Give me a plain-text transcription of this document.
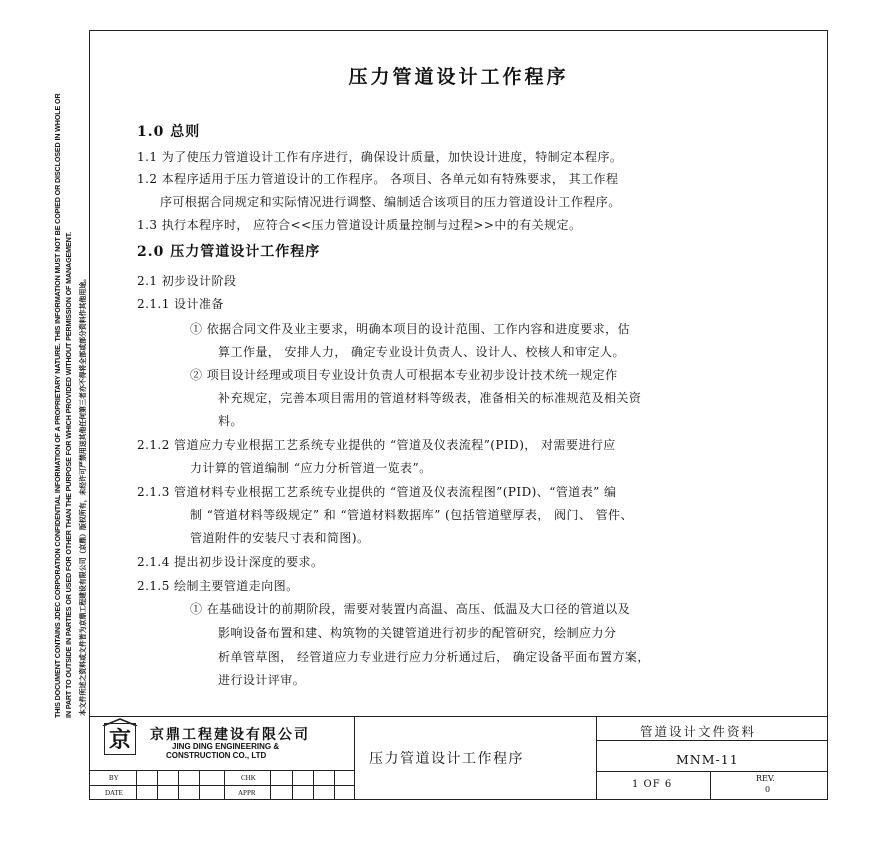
THIS DOCUMENT CONTAINS JDEC CORPORATION CONFIDENTIAL INFORMATION OF A PROPRIETARY NATURE. THIS INFORMATION MUST NOT BE COPIED OR DISCLOSED IN WHOLE OR IN PART TO OUTSIDE IN PARTIES OR USED FOR OTHER THAN THE PURPOSE FOR WHICH PROVIDED WITHOUT PERMISSION OF MANAGEMENT.	本文件所述之资料或文件皆为京鼎工程建设有限公司（京鼎）版权所有，未经许可严禁用送其他任何第三者亦不得将全部或部分资料作其他用途。
压力管道设计工作程序
1.0 总则
1.1 为了使压力管道设计工作有序进行，确保设计质量，加快设计进度，特制定本程序。
1.2 本程序适用于压力管道设计的工作程序。 各项目、各单元如有特殊要求， 其工作程
序可根据合同规定和实际情况进行调整、编制适合该项目的压力管道设计工作程序。
1.3 执行本程序时， 应符合<<压力管道设计质量控制与过程>>中的有关规定。
2.0 压力管道设计工作程序
2.1 初步设计阶段
2.1.1 设计准备
① 依据合同文件及业主要求，明确本项目的设计范围、工作内容和进度要求，估
算工作量， 安排人力， 确定专业设计负责人、设计人、校核人和审定人。
② 项目设计经理或项目专业设计负责人可根据本专业初步设计技术统一规定作
补充规定，完善本项目需用的管道材料等级表，准备相关的标准规范及相关资
料。
2.1.2 管道应力专业根据工艺系统专业提供的 “管道及仪表流程”(PID)， 对需要进行应
力计算的管道编制 “应力分析管道一览表”。
2.1.3 管道材料专业根据工艺系统专业提供的 “管道及仪表流程图”(PID)、“管道表” 编
制 “管道材料等级规定” 和 “管道材料数据库” (包括管道壁厚表， 阀门、 管件、
管道附件的安装尺寸表和简图)。
2.1.4 提出初步设计深度的要求。
2.1.5 绘制主要管道走向图。
① 在基础设计的前期阶段，需要对装置内高温、高压、低温及大口径的管道以及
影响设备布置和建、构筑物的关键管道进行初步的配管研究，绘制应力分
析单管草图， 经管道应力专业进行应力分析通过后， 确定设备平面布置方案，
进行设计评审。
京	京鼎工程建设有限公司
JING DING ENGINEERING &
CONSTRUCTION CO., LTD
BY
DATE
CHK
APPR
压力管道设计工作程序
管道设计文件资料
MNM-11
1 OF 6
REV.
0
